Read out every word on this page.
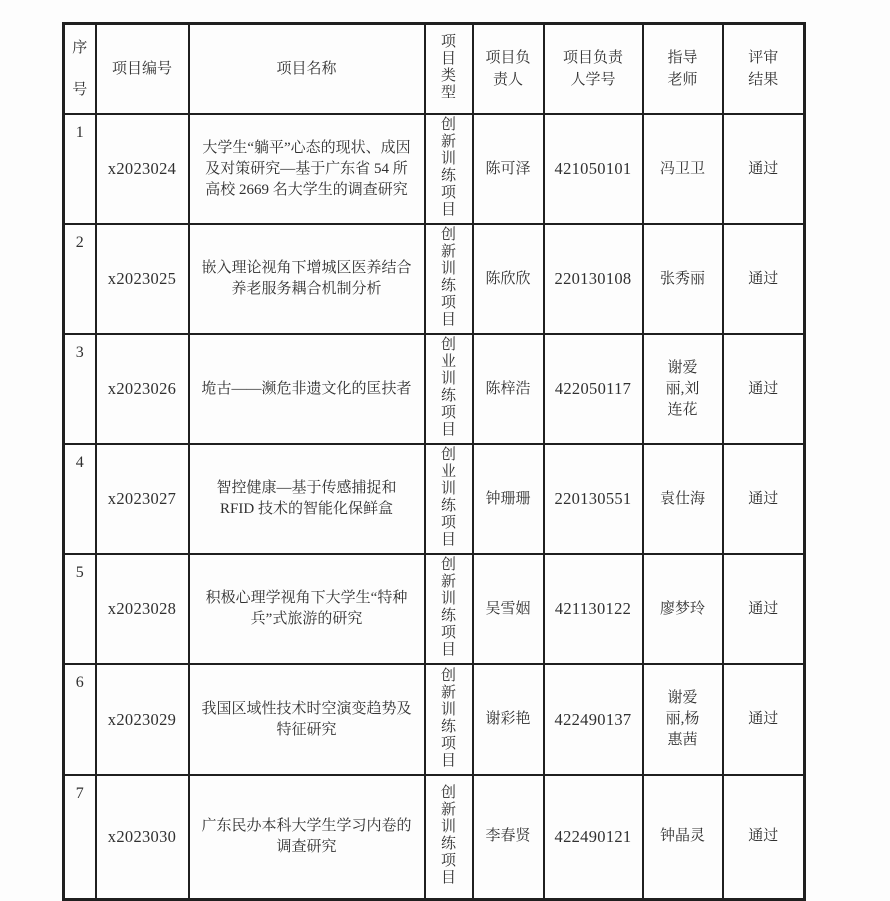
序号	项目编号	项目名称	项目类型	项目负责人	项目负责人学号	指导老师	评审结果
1	x2023024	大学生“躺平”心态的现状、成因及对策研究—基于广东省 54 所高校 2669 名大学生的调查研究	创新训练项目	陈可泽	421050101	冯卫卫	通过
2	x2023025	嵌入理论视角下增城区医养结合养老服务耦合机制分析	创新训练项目	陈欣欣	220130108	张秀丽	通过
3	x2023026	垝古——濒危非遗文化的匡扶者	创业训练项目	陈梓浩	422050117	谢爱丽,刘连花	通过
4	x2023027	智控健康—基于传感捕捉和 RFID 技术的智能化保鲜盒	创业训练项目	钟珊珊	220130551	袁仕海	通过
5	x2023028	积极心理学视角下大学生“特种兵”式旅游的研究	创新训练项目	吴雪姻	421130122	廖梦玲	通过
6	x2023029	我国区域性技术时空演变趋势及特征研究	创新训练项目	谢彩艳	422490137	谢爱丽,杨惠茜	通过
7	x2023030	广东民办本科大学生学习内卷的调查研究	创新训练项目	李春贤	422490121	钟晶灵	通过
